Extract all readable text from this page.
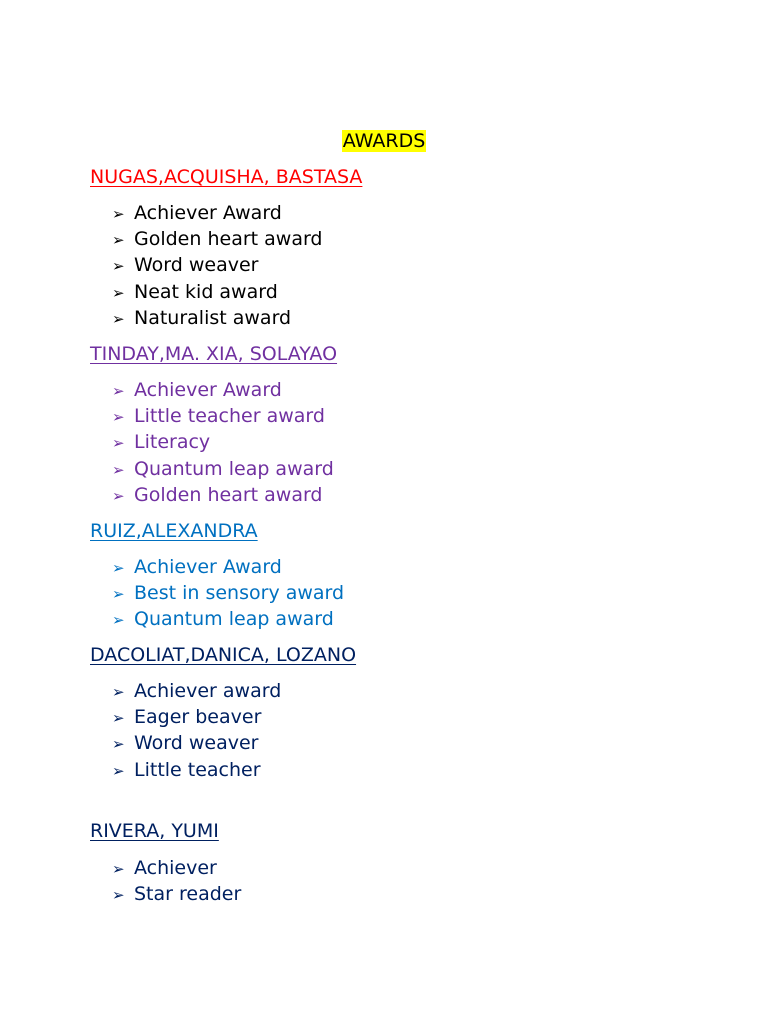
AWARDS
NUGAS,ACQUISHA, BASTASA
➢ Achiever Award
➢ Golden heart award
➢ Word weaver
➢ Neat kid award
➢ Naturalist award
TINDAY,MA. XIA, SOLAYAO
➢ Achiever Award
➢ Little teacher award
➢ Literacy
➢ Quantum leap award
➢ Golden heart award
RUIZ,ALEXANDRA
➢ Achiever Award
➢ Best in sensory award
➢ Quantum leap award
DACOLIAT,DANICA, LOZANO
➢ Achiever award
➢ Eager beaver
➢ Word weaver
➢ Little teacher
RIVERA, YUMI
➢ Achiever
➢ Star reader
